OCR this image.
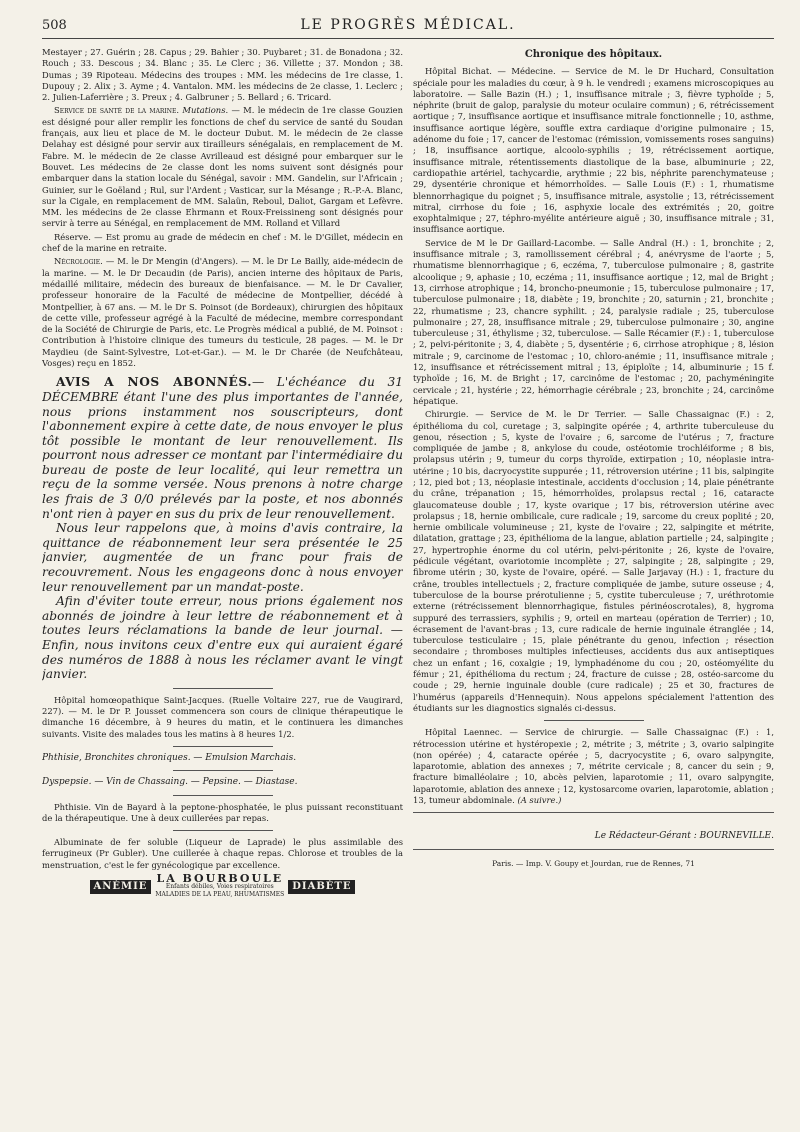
508	LE PROGRÈS MÉDICAL.

Mestayer ; 27. Guérin ; 28. Capus ; 29. Bahier ; 30. Puybaret ; 31. de Bonadona ; 32. Rouch ; 33. Descous ; 34. Blanc ; 35. Le Clerc ; 36. Villette ; 37. Mondon ; 38. Dumas ; 39 Ripoteau. Médecins des troupes : MM. les médecins de 1re classe, 1. Dupouy ; 2. Alix ; 3. Ayme ; 4. Vantalon. MM. les médecins de 2e classe, 1. Leclerc ; 2. Julien-Laferrière ; 3. Preux ; 4. Galbruner ; 5. Bellard ; 6. Tricard.

Service de santé de la marine. Mutations. — M. le médecin de 1re classe Gouzien est désigné pour aller remplir les fonctions de chef du service de santé du Soudan français, aux lieu et place de M. le docteur Dubut. M. le médecin de 2e classe Delahay est désigné pour servir aux tirailleurs sénégalais, en remplacement de M. Fabre. M. le médecin de 2e classe Avrilleaud est désigné pour embarquer sur le Bouvet. Les médecins de 2e classe dont les noms suivent sont désignés pour embarquer dans la station locale du Sénégal, savoir : MM. Gandelin, sur l'Africain ; Guinier, sur le Goëland ; Rul, sur l'Ardent ; Vasticar, sur la Mésange ; R.-P.-A. Blanc, sur la Cigale, en remplacement de MM. Salaün, Reboul, Daliot, Gargam et Lefèvre. MM. les médecins de 2e classe Ehrmann et Roux-Freissineng sont désignés pour servir à terre au Sénégal, en remplacement de MM. Rolland et Villard

Réserve. — Est promu au grade de médecin en chef : M. le D'Gillet, médecin en chef de la marine en retraite.

Nécrologie. — M. le Dr Mengin (d'Angers). — M. le Dr Le Bailly, aide-médecin de la marine. — M. le Dr Decaudin (de Paris), ancien interne des hôpitaux de Paris, médaillé militaire, médecin des bureaux de bienfaisance. — M. le Dr Cavalier, professeur honoraire de la Faculté de médecine de Montpellier, décédé à Montpellier, à 67 ans. — M. le Dr S. Poinsot (de Bordeaux), chirurgien des hôpitaux de cette ville, professeur agrégé à la Faculté de médecine, membre correspondant de la Société de Chirurgie de Paris, etc. Le Progrès médical a publié, de M. Poinsot : Contribution à l'histoire clinique des tumeurs du testicule, 28 pages. — M. le Dr Maydieu (de Saint-Sylvestre, Lot-et-Gar.). — M. le Dr Charée (de Neufchâteau, Vosges) reçu en 1852.

AVIS A NOS ABONNÉS.— L'échéance du 31 DÉCEMBRE étant l'une des plus importantes de l'année, nous prions instamment nos souscripteurs, dont l'abonnement expire à cette date, de nous envoyer le plus tôt possible le montant de leur renouvellement. Ils pourront nous adresser ce montant par l'intermédiaire du bureau de poste de leur localité, qui leur remettra un reçu de la somme versée. Nous prenons à notre charge les frais de 3 0/0 prélevés par la poste, et nos abonnés n'ont rien à payer en sus du prix de leur renouvellement.

Nous leur rappelons que, à moins d'avis contraire, la quittance de réabonnement leur sera présentée le 25 janvier, augmentée de un franc pour frais de recouvrement. Nous les engageons donc à nous envoyer leur renouvellement par un mandat-poste.

Afin d'éviter toute erreur, nous prions également nos abonnés de joindre à leur lettre de réabonnement et à toutes leurs réclamations la bande de leur journal. — Enfin, nous invitons ceux d'entre eux qui auraient égaré des numéros de 1888 à nous les réclamer avant le vingt janvier.

Hôpital homœopathique Saint-Jacques. (Ruelle Voltaire 227, rue de Vaugirard, 227). — M. le Dr P. Jousset commencera son cours de clinique thérapeutique le dimanche 16 décembre, à 9 heures du matin, et le continuera les dimanches suivants. Visite des malades tous les matins à 8 heures 1/2.

Phthisie, Bronchites chroniques. — Emulsion Marchais.
Dyspepsie. — Vin de Chassaing. — Pepsine. — Diastase.

Phthisie. Vin de Bayard à la peptone-phosphatée, le plus puissant reconstituant de la thérapeutique. Une à deux cuillerées par repas.

Albuminate de fer soluble (Liqueur de Laprade) le plus assimilable des ferrugineux (Pr Gubler). Une cuillerée à chaque repas. Chlorose et troubles de la menstruation, c'est le fer gynécologique par excellence.

ANÉMIE
LA BOURBOULE
Enfants débiles, Voies respiratoires
MALADIES DE LA PEAU, RHUMATISMES
DIABÈTE
Chronique des hôpitaux.

Hôpital Bichat. — Médecine. — Service de M. le Dr Huchard, Consultation spéciale pour les maladies du cœur, à 9 h. le vendredi ; examens microscopiques au laboratoire. — Salle Bazin (H.) ; 1, insuffisance mitrale ; 3, fièvre typhoïde ; 5, néphrite (bruit de galop, paralysie du moteur oculaire commun) ; 6, rétrécissement aortique ; 7, insuffisance aortique et insuffisance mitrale fonctionnelle ; 10, asthme, insuffisance aortique légère, souffle extra cardiaque d'origine pulmonaire ; 15, adénome du foie ; 17, cancer de l'estomac (rémission, vomissements roses sanguins) ; 18, insuffisance aortique, alcoolo-syphilis ; 19, rétrécissement aortique, insuffisance mitrale, rétentissements diastolique de la base, albuminurie ; 22, cardiopathie artériel, tachycardie, arythmie ; 22 bis, néphrite parenchymateuse ; 29, dysentérie chronique et hémorrhoïdes. — Salle Louis (F.) : 1, rhumatisme blennorrhagique du poignet ; 5, insuffisance mitrale, asystolie ; 13, rétrécissement mitral, cirrhose du foie ; 16, asphyxie locale des extrémités ; 20, goitre exophtalmique ; 27, téphro-myélite antérieure aiguë ; 30, insuffisance mitrale ; 31, insuffisance aortique.

Service de M le Dr Gaillard-Lacombe. — Salle Andral (H.) : 1, bronchite ; 2, insuffisance mitrale ; 3, ramollissement cérébral ; 4, anévrysme de l'aorte ; 5, rhumatisme blennorrhagique ; 6, eczéma, 7, tuberculose pulmonaire ; 8, gastrite alcoolique ; 9, aphasie ; 10, eczéma ; 11, insuffisance aortique ; 12, mal de Bright ; 13, cirrhose atrophique ; 14, broncho-pneumonie ; 15, tuberculose pulmonaire ; 17, tuberculose pulmonaire ; 18, diabète ; 19, bronchite ; 20, saturnin ; 21, bronchite ; 22, rhumatisme ; 23, chancre syphilit. ; 24, paralysie radiale ; 25, tuberculose pulmonaire ; 27, 28, insuffisance mitrale ; 29, tuberculose pulmonaire ; 30, angine tuberculeuse ; 31, éthylisme ; 32, tuberculose. — Salle Récamier (F.) : 1, tuberculose ; 2, pelvi-péritonite ; 3, 4, diabète ; 5, dysentérie ; 6, cirrhose atrophique ; 8, lésion mitrale ; 9, carcinome de l'estomac ; 10, chloro-anémie ; 11, insuffisance mitrale ; 12, insuffisance et rétrécissement mitral ; 13, épiploïte ; 14, albuminurie ; 15 f. typhoïde ; 16, M. de Bright ; 17, carcinôme de l'estomac ; 20, pachyméningite cervicale ; 21, hystérie ; 22, hémorrhagie cérébrale ; 23, bronchite ; 24, carcinôme hépatique.

Chirurgie. — Service de M. le Dr Terrier. — Salle Chassaignac (F.) : 2, épithélioma du col, curetage ; 3, salpingite opérée ; 4, arthrite tuberculeuse du genou, résection ; 5, kyste de l'ovaire ; 6, sarcome de l'utérus ; 7, fracture compliquée de jambe ; 8, ankylose du coude, ostéotomie trochléiforme ; 8 bis, prolapsus utérin ; 9, tumeur du corps thyroïde, extirpation ; 10, néoplasie intra-utérine ; 10 bis, dacryocystite suppurée ; 11, rétroversion utérine ; 11 bis, salpingite ; 12, pied bot ; 13, néoplasie intestinale, accidents d'occlusion ; 14, plaie pénétrante du crâne, trépanation ; 15, hémorrhoïdes, prolapsus rectal ; 16, cataracte glaucomateuse double ; 17, kyste ovarique ; 17 bis, rétroversion utérine avec prolapsus ; 18, hernie ombilicale, cure radicale ; 19, sarcome du creux poplité ; 20, hernie ombilicale volumineuse ; 21, kyste de l'ovaire ; 22, salpingite et métrite, dilatation, grattage ; 23, épithélioma de la langue, ablation partielle ; 24, salpingite ; 27, hypertrophie énorme du col utérin, pelvi-péritonite ; 26, kyste de l'ovaire, pédicule végétant, ovariotomie incomplète ; 27, salpingite ; 28, salpingite ; 29, fibrome utérin ; 30, kyste de l'ovaire, opéré. — Salle Jarjavay (H.) : 1, fracture du crâne, troubles intellectuels ; 2, fracture compliquée de jambe, suture osseuse ; 4, tuberculose de la bourse prérotulienne ; 5, cystite tuberculeuse ; 7, uréthrotomie externe (rétrécissement blennorrhagique, fistules périnéoscrotales), 8, hygroma suppuré des terrassiers, syphilis ; 9, orteil en marteau (opération de Terrier) ; 10, écrasement de l'avant-bras ; 13, cure radicale de hernie inguinale étranglée ; 14, tuberculose testiculaire ; 15, plaie pénétrante du genou, infection ; résection secondaire ; thromboses multiples infectieuses, accidents dus aux antiseptiques chez un enfant ; 16, coxalgie ; 19, lymphadénome du cou ; 20, ostéomyélite du fémur ; 21, épithélioma du rectum ; 24, fracture de cuisse ; 28, ostéo-sarcome du coude ; 29, hernie inguinale double (cure radicale) ; 25 et 30, fractures de l'humérus (appareils d'Hennequin). Nous appelons spécialement l'attention des étudiants sur les diagnostics signalés ci-dessus.

Hôpital Laennec. — Service de chirurgie. — Salle Chassaignac (F.) : 1, rétrocession utérine et hystéropexie ; 2, métrite ; 3, métrite ; 3, ovario salpingite (non opérée) ; 4, cataracte opérée ; 5, dacryocystite ; 6, ovaro salpyngite, laparotomie, ablation des annexes ; 7, métrite cervicale ; 8, cancer du sein ; 9, fracture bimalléolaire ; 10, abcès pelvien, laparotomie ; 11, ovaro salpyngite, laparotomie, ablation des annexe ; 12, kystosarcome ovarien, laparotomie, ablation ; 13, tumeur abdominale. (A suivre.)

Le Rédacteur-Gérant : BOURNEVILLE.
Paris. — Imp. V. Goupy et Jourdan, rue de Rennes, 71
